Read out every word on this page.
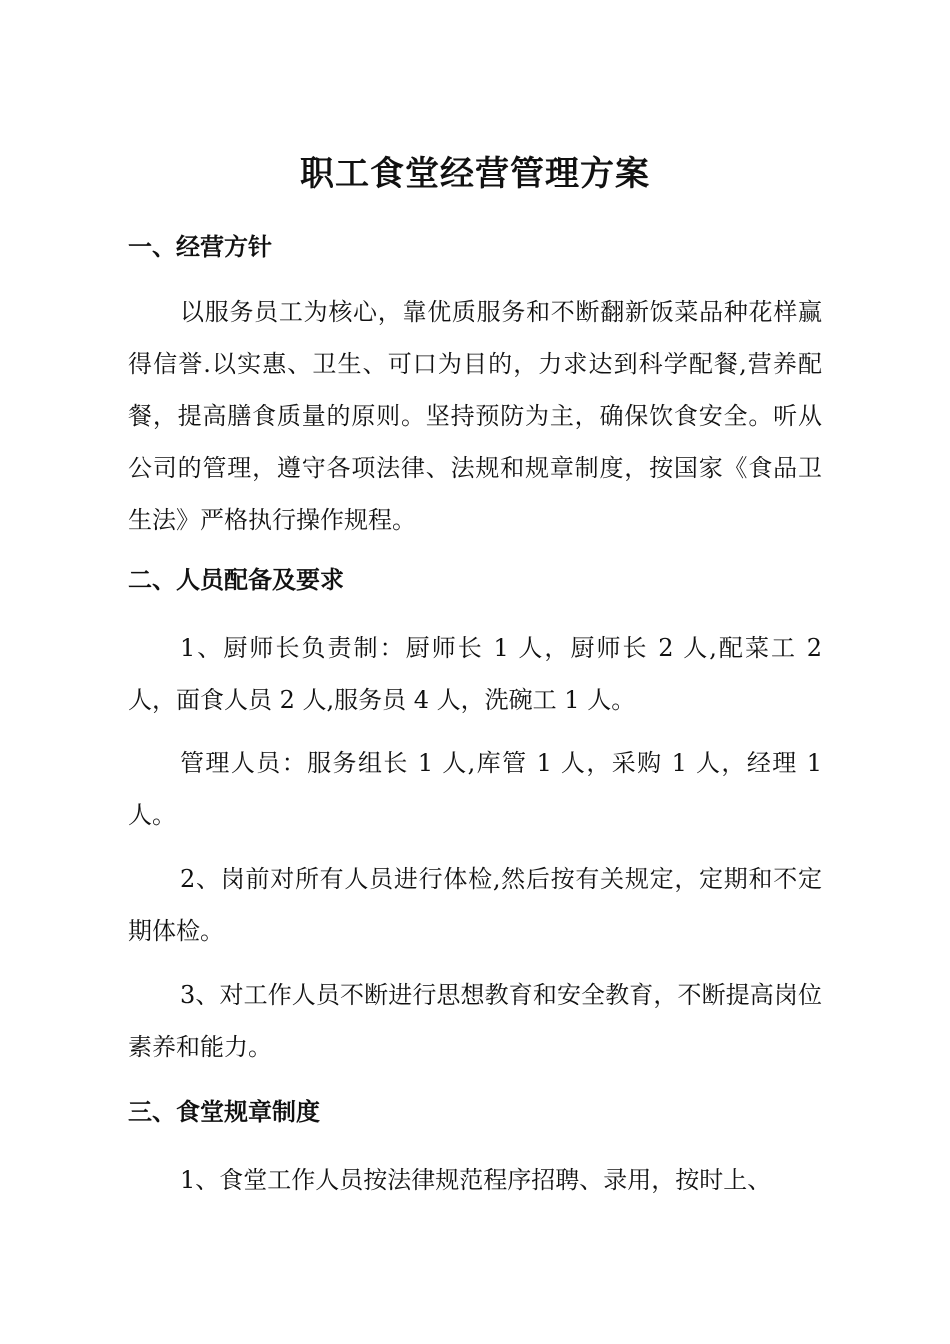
职工食堂经营管理方案
一、经营方针

以服务员工为核心，靠优质服务和不断翻新饭菜品种花样赢得信誉.以实惠、卫生、可口为目的，力求达到科学配餐,营养配餐，提高膳食质量的原则。坚持预防为主，确保饮食安全。听从公司的管理，遵守各项法律、法规和规章制度，按国家《食品卫生法》严格执行操作规程。

二、人员配备及要求

1、厨师长负责制：厨师长 1 人，厨师长 2 人,配菜工 2 人，面食人员 2 人,服务员 4 人，洗碗工 1 人。

管理人员：服务组长 1 人,库管 1 人，采购 1 人，经理 1 人。

2、岗前对所有人员进行体检,然后按有关规定，定期和不定期体检。

3、对工作人员不断进行思想教育和安全教育，不断提高岗位素养和能力。

三、食堂规章制度

1、食堂工作人员按法律规范程序招聘、录用，按时上、
